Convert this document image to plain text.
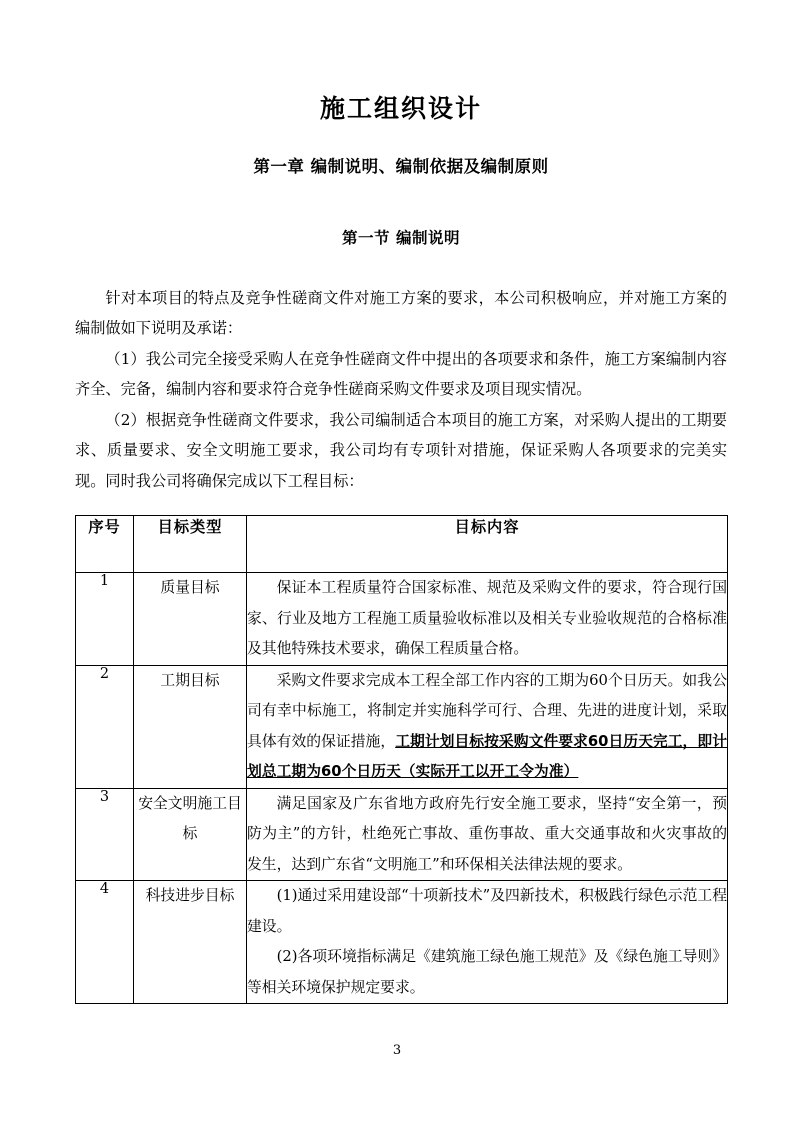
施工组织设计
第一章 编制说明、编制依据及编制原则
第一节 编制说明

针对本项目的特点及竞争性磋商文件对施工方案的要求，本公司积极响应，并对施工方案的编制做如下说明及承诺：

（1）我公司完全接受采购人在竞争性磋商文件中提出的各项要求和条件，施工方案编制内容齐全、完备，编制内容和要求符合竞争性磋商采购文件要求及项目现实情况。

（2）根据竞争性磋商文件要求，我公司编制适合本项目的施工方案，对采购人提出的工期要求、质量要求、安全文明施工要求，我公司均有专项针对措施，保证采购人各项要求的完美实现。同时我公司将确保完成以下工程目标：

序号	目标类型	目标内容
1	质量目标	保证本工程质量符合国家标准、规范及采购文件的要求，符合现行国家、行业及地方工程施工质量验收标准以及相关专业验收规范的合格标准及其他特殊技术要求，确保工程质量合格。

2	工期目标	采购文件要求完成本工程全部工作内容的工期为60个日历天。如我公司有幸中标施工，将制定并实施科学可行、合理、先进的进度计划，采取具体有效的保证措施，工期计划目标按采购文件要求60日历天完工，即计划总工期为60个日历天（实际开工以开工令为准）

3	安全文明施工目标	满足国家及广东省地方政府先行安全施工要求，坚持“安全第一，预防为主”的方针，杜绝死亡事故、重伤事故、重大交通事故和火灾事故的发生，达到广东省“文明施工”和环保相关法律法规的要求。

4	科技进步目标	(1)通过采用建设部“十项新技术”及四新技术，积极践行绿色示范工程建设。

(2)各项环境指标满足《建筑施工绿色施工规范》及《绿色施工导则》等相关环境保护规定要求。

3
